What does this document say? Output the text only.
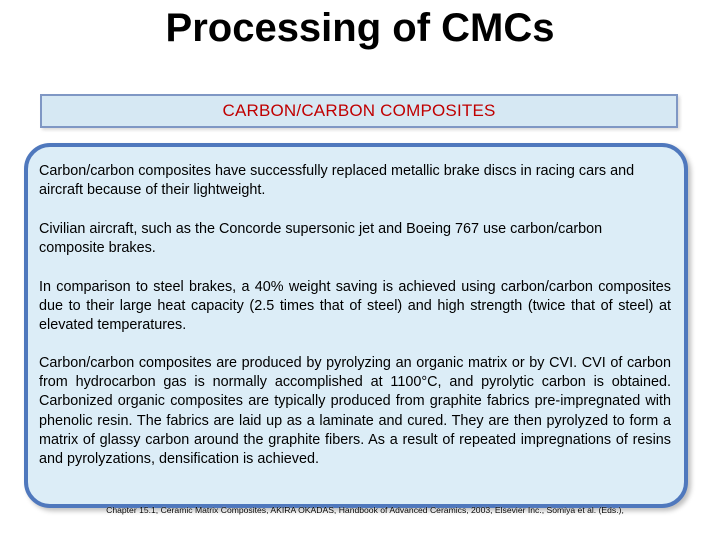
Processing of CMCs
CARBON/CARBON COMPOSITES

Carbon/carbon composites have successfully replaced metallic brake discs in racing cars and aircraft because of their lightweight.

Civilian aircraft, such as the Concorde supersonic jet and Boeing 767 use carbon/carbon composite brakes.

In comparison to steel brakes, a 40% weight saving is achieved using carbon/carbon composites due to their large heat capacity (2.5 times that of steel) and high strength (twice that of steel) at elevated temperatures.

Carbon/carbon composites are produced by pyrolyzing an organic matrix or by CVI. CVI of carbon from hydrocarbon gas is normally accomplished at 1100°C, and pyrolytic carbon is obtained. Carbonized organic composites are typically produced from graphite fabrics pre-impregnated with phenolic resin. The fabrics are laid up as a laminate and cured. They are then pyrolyzed to form a matrix of glassy carbon around the graphite fibers. As a result of repeated impregnations of resins and pyrolyzations, densification is achieved.

Chapter 15.1, Ceramic Matrix Composites, AKIRA OKADAS, Handbook of Advanced Ceramics, 2003, Elsevier Inc., Somiya et al. (Eds.),
